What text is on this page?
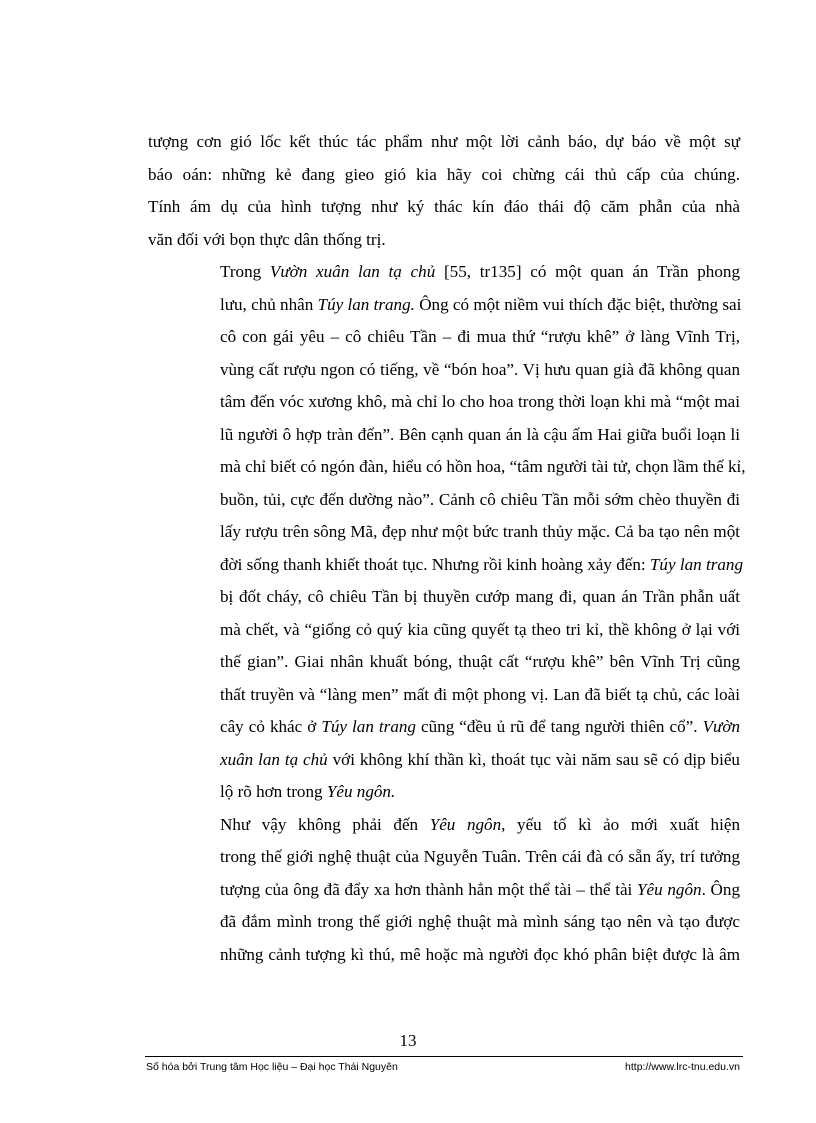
tượng cơn gió lốc kết thúc tác phẩm như một lời cảnh báo, dự báo về một sự
báo oán: những kẻ đang gieo gió kia hãy coi chừng cái thủ cấp của chúng.
Tính ám dụ của hình tượng như ký thác kín đáo thái độ căm phẫn của nhà
văn đối với bọn thực dân thống trị.

Trong Vườn xuân lan tạ chủ [55, tr135] có một quan án Trần phong
lưu, chủ nhân Túy lan trang. Ông có một niềm vui thích đặc biệt, thường sai
cô con gái yêu – cô chiêu Tần – đi mua thứ “rượu khê” ở làng Vĩnh Trị,
vùng cất rượu ngon có tiếng, về “bón hoa”. Vị hưu quan già đã không quan
tâm đến vóc xương khô, mà chỉ lo cho hoa trong thời loạn khi mà “một mai
lũ người ô hợp tràn đến”. Bên cạnh quan án là cậu ấm Hai giữa buổi loạn li
mà chỉ biết có ngón đàn, hiểu có hồn hoa, “tâm người tài tử, chọn lầm thế kỉ,
buồn, tủi, cực đến dường nào”. Cảnh cô chiêu Tần mỗi sớm chèo thuyền đi
lấy rượu trên sông Mã, đẹp như một bức tranh thủy mặc. Cả ba tạo nên một
đời sống thanh khiết thoát tục. Nhưng rồi kinh hoàng xảy đến: Túy lan trang
bị đốt cháy, cô chiêu Tần bị thuyền cướp mang đi, quan án Trần phẫn uất
mà chết, và “giống cỏ quý kia cũng quyết tạ theo tri kỉ, thề không ở lại với
thế gian”. Giai nhân khuất bóng, thuật cất “rượu khê” bên Vĩnh Trị cũng
thất truyền và “làng men” mất đi một phong vị. Lan đã biết tạ chủ, các loài
cây cỏ khác ở Túy lan trang cũng “đều ủ rũ để tang người thiên cổ”. Vườn
xuân lan tạ chủ với không khí thần kì, thoát tục vài năm sau sẽ có dịp biểu
lộ rõ hơn trong Yêu ngôn.

Như vậy không phải đến Yêu ngôn, yếu tố kì ảo mới xuất hiện
trong thế giới nghệ thuật của Nguyễn Tuân. Trên cái đà có sẵn ấy, trí tưởng
tượng của ông đã đẩy xa hơn thành hẳn một thể tài – thể tài Yêu ngôn. Ông
đã đắm mình trong thế giới nghệ thuật mà mình sáng tạo nên và tạo được
những cảnh tượng kì thú, mê hoặc mà người đọc khó phân biệt được là âm

13
Số hóa bởi Trung tâm Học liệu – Đại học Thái Nguyên	http://www.lrc-tnu.edu.vn
